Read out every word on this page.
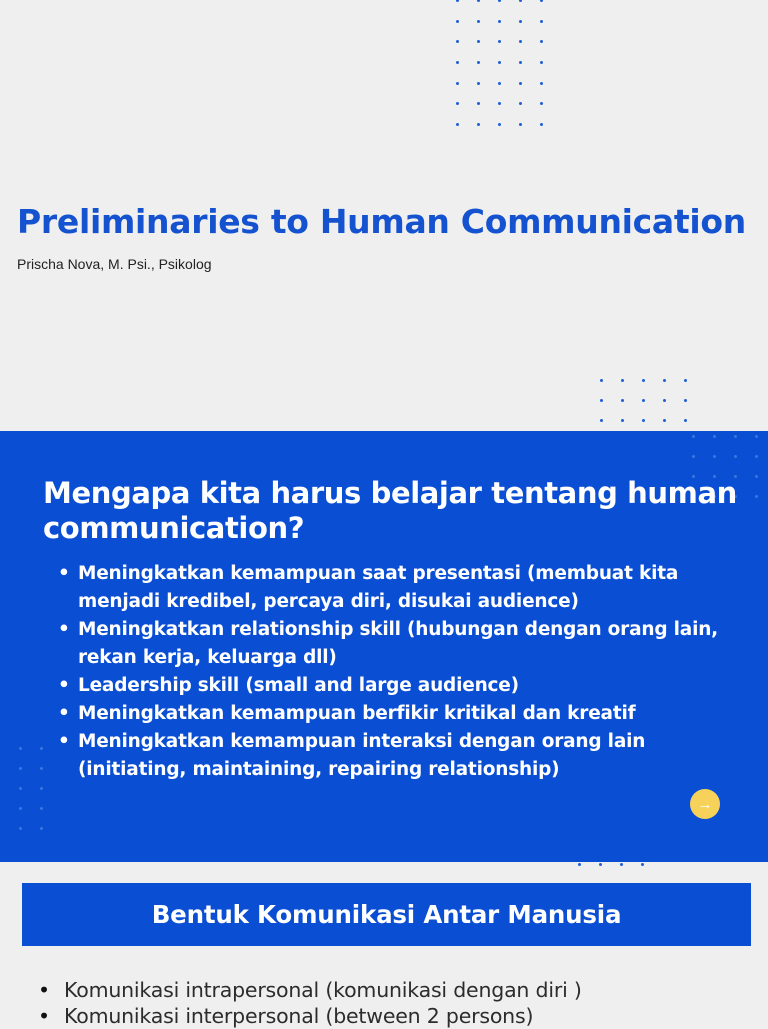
Preliminaries to Human Communication

Prischa Nova, M. Psi., Psikolog

Mengapa kita harus belajar tentang human communication?
• Meningkatkan kemampuan saat presentasi (membuat kita menjadi kredibel, percaya diri, disukai audience)
• Meningkatkan relationship skill (hubungan dengan orang lain, rekan kerja, keluarga dll)
• Leadership skill (small and large audience)
• Meningkatkan kemampuan berfikir kritikal dan kreatif
• Meningkatkan kemampuan interaksi dengan orang lain (initiating, maintaining, repairing relationship)
→
Bentuk Komunikasi Antar Manusia
• Komunikasi intrapersonal (komunikasi dengan diri )
• Komunikasi interpersonal (between 2 persons)
